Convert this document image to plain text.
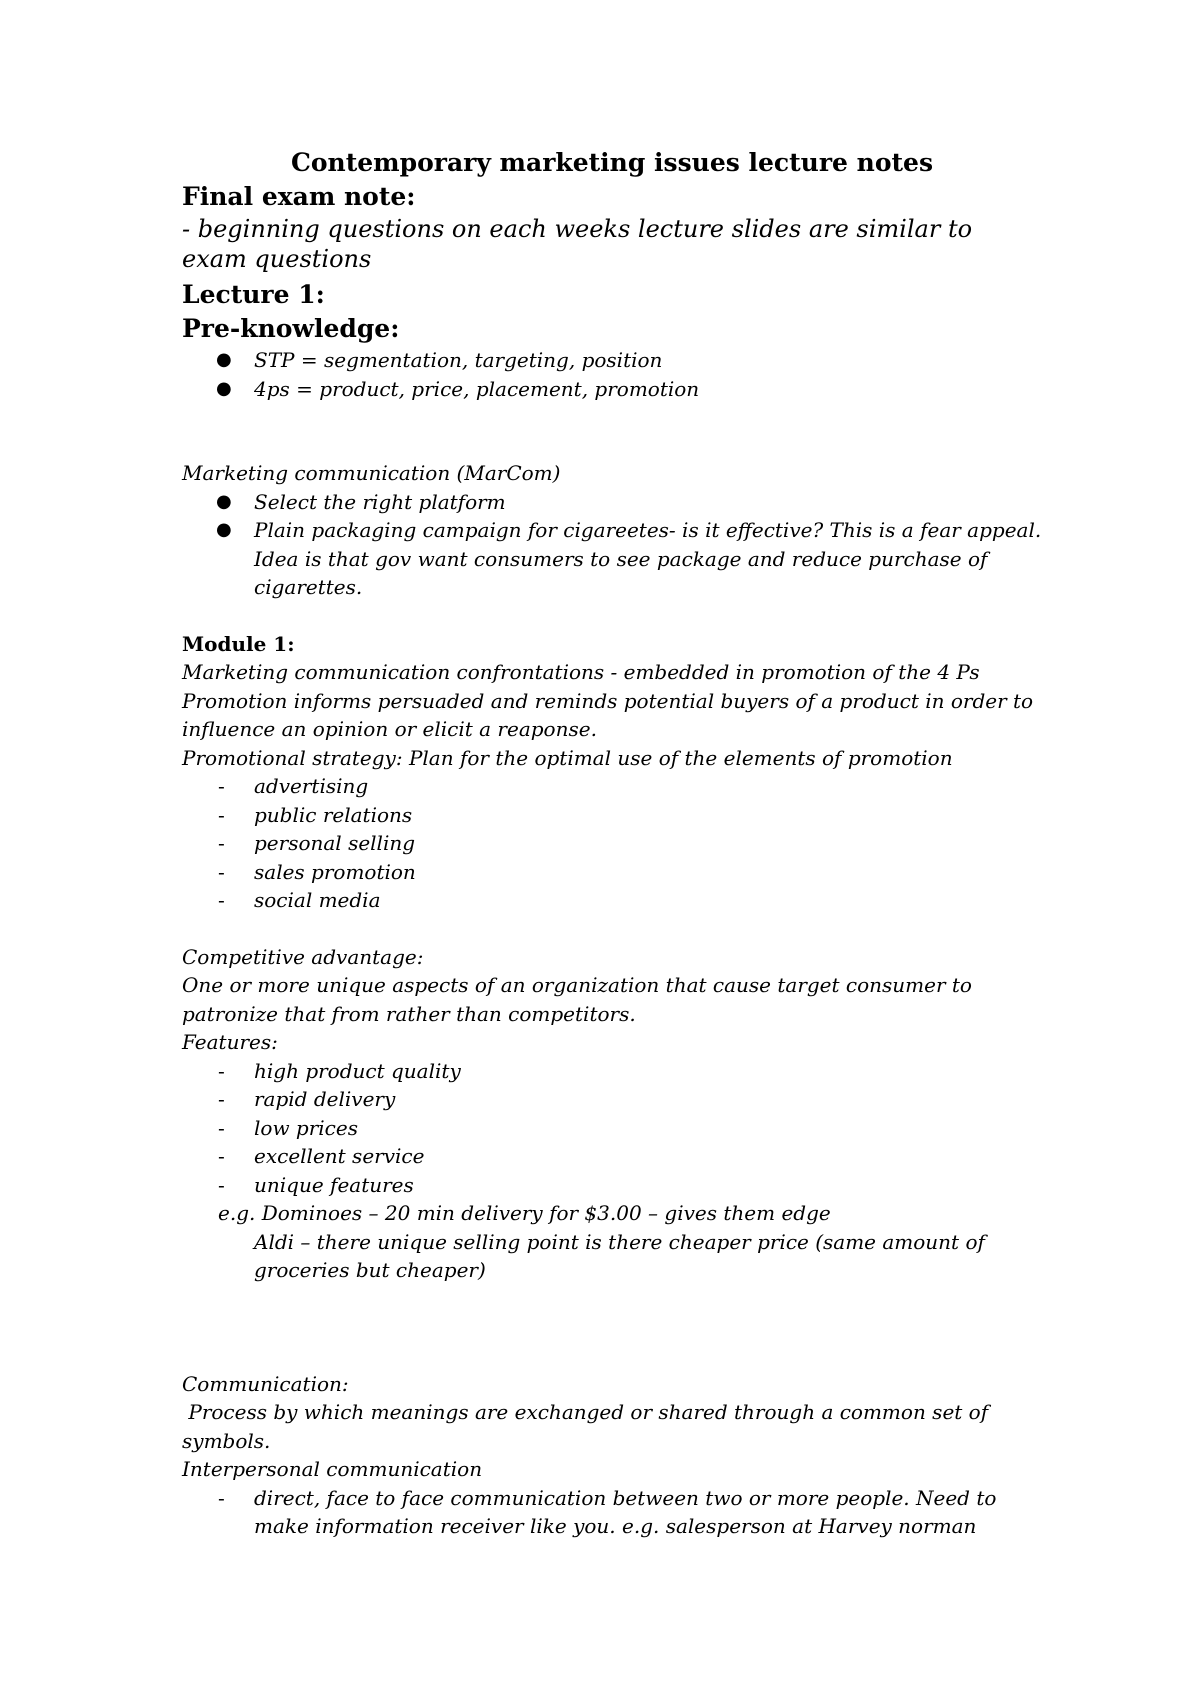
Contemporary marketing issues lecture notes
Final exam note:
- beginning questions on each weeks lecture slides are similar to exam questions
Lecture 1:
Pre-knowledge:
● STP = segmentation, targeting, position
● 4ps = product, price, placement, promotion
Marketing communication (MarCom)
● Select the right platform
● Plain packaging campaign for cigareetes- is it effective? This is a fear appeal. Idea is that gov want consumers to see package and reduce purchase of cigarettes.
Module 1:
Marketing communication confrontations - embedded in promotion of the 4 Ps
Promotion informs persuaded and reminds potential buyers of a product in order to influence an opinion or elicit a reaponse.
Promotional strategy: Plan for the optimal use of the elements of promotion
- advertising
- public relations
- personal selling
- sales promotion
- social media
Competitive advantage:
One or more unique aspects of an organization that cause target consumer to patronize that from rather than competitors.
Features:
- high product quality
- rapid delivery
- low prices
- excellent service
- unique features
e.g. Dominoes – 20 min delivery for $3.00 – gives them edge
Aldi – there unique selling point is there cheaper price (same amount of groceries but cheaper)
Communication:
Process by which meanings are exchanged or shared through a common set of symbols.
Interpersonal communication
- direct, face to face communication between two or more people. Need to make information receiver like you. e.g. salesperson at Harvey norman
